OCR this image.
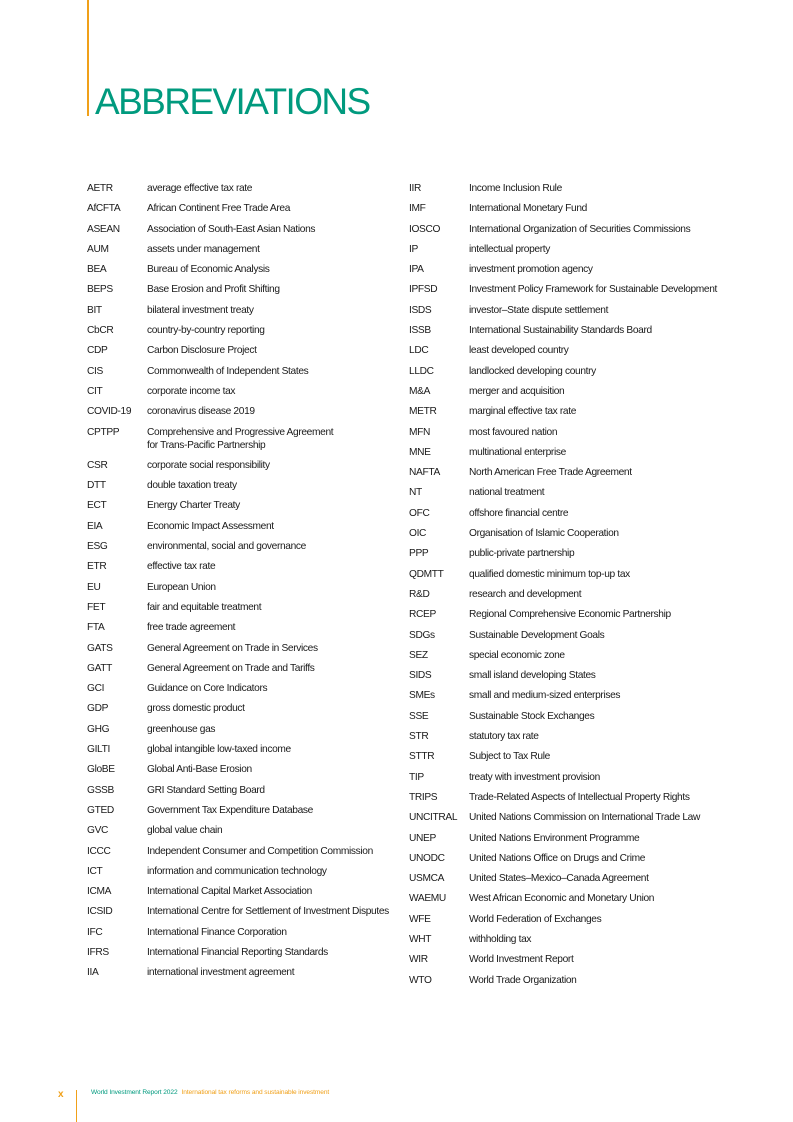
ABBREVIATIONS
AETR	average effective tax rate
AfCFTA	African Continent Free Trade Area
ASEAN	Association of South-East Asian Nations
AUM	assets under management
BEA	Bureau of Economic Analysis
BEPS	Base Erosion and Profit Shifting
BIT	bilateral investment treaty
CbCR	country-by-country reporting
CDP	Carbon Disclosure Project
CIS	Commonwealth of Independent States
CIT	corporate income tax
COVID-19	coronavirus disease 2019
CPTPP	Comprehensive and Progressive Agreement
for Trans-Pacific Partnership
CSR	corporate social responsibility
DTT	double taxation treaty
ECT	Energy Charter Treaty
EIA	Economic Impact Assessment
ESG	environmental, social and governance
ETR	effective tax rate
EU	European Union
FET	fair and equitable treatment
FTA	free trade agreement
GATS	General Agreement on Trade in Services
GATT	General Agreement on Trade and Tariffs
GCI	Guidance on Core Indicators
GDP	gross domestic product
GHG	greenhouse gas
GILTI	global intangible low-taxed income
GloBE	Global Anti-Base Erosion
GSSB	GRI Standard Setting Board
GTED	Government Tax Expenditure Database
GVC	global value chain
ICCC	Independent Consumer and Competition Commission
ICT	information and communication technology
ICMA	International Capital Market Association
ICSID	International Centre for Settlement of Investment Disputes
IFC	International Finance Corporation
IFRS	International Financial Reporting Standards
IIA	international investment agreement
IIR	Income Inclusion Rule
IMF	International Monetary Fund
IOSCO	International Organization of Securities Commissions
IP	intellectual property
IPA	investment promotion agency
IPFSD	Investment Policy Framework for Sustainable Development
ISDS	investor–State dispute settlement
ISSB	International Sustainability Standards Board
LDC	least developed country
LLDC	landlocked developing country
M&A	merger and acquisition
METR	marginal effective tax rate
MFN	most favoured nation
MNE	multinational enterprise
NAFTA	North American Free Trade Agreement
NT	national treatment
OFC	offshore financial centre
OIC	Organisation of Islamic Cooperation
PPP	public-private partnership
QDMTT	qualified domestic minimum top-up tax
R&D	research and development
RCEP	Regional Comprehensive Economic Partnership
SDGs	Sustainable Development Goals
SEZ	special economic zone
SIDS	small island developing States
SMEs	small and medium-sized enterprises
SSE	Sustainable Stock Exchanges
STR	statutory tax rate
STTR	Subject to Tax Rule
TIP	treaty with investment provision
TRIPS	Trade-Related Aspects of Intellectual Property Rights
UNCITRAL	United Nations Commission on International Trade Law
UNEP	United Nations Environment Programme
UNODC	United Nations Office on Drugs and Crime
USMCA	United States–Mexico–Canada Agreement
WAEMU	West African Economic and Monetary Union
WFE	World Federation of Exchanges
WHT	withholding tax
WIR	World Investment Report
WTO	World Trade Organization
x	World Investment Report 2022 International tax reforms and sustainable investment
